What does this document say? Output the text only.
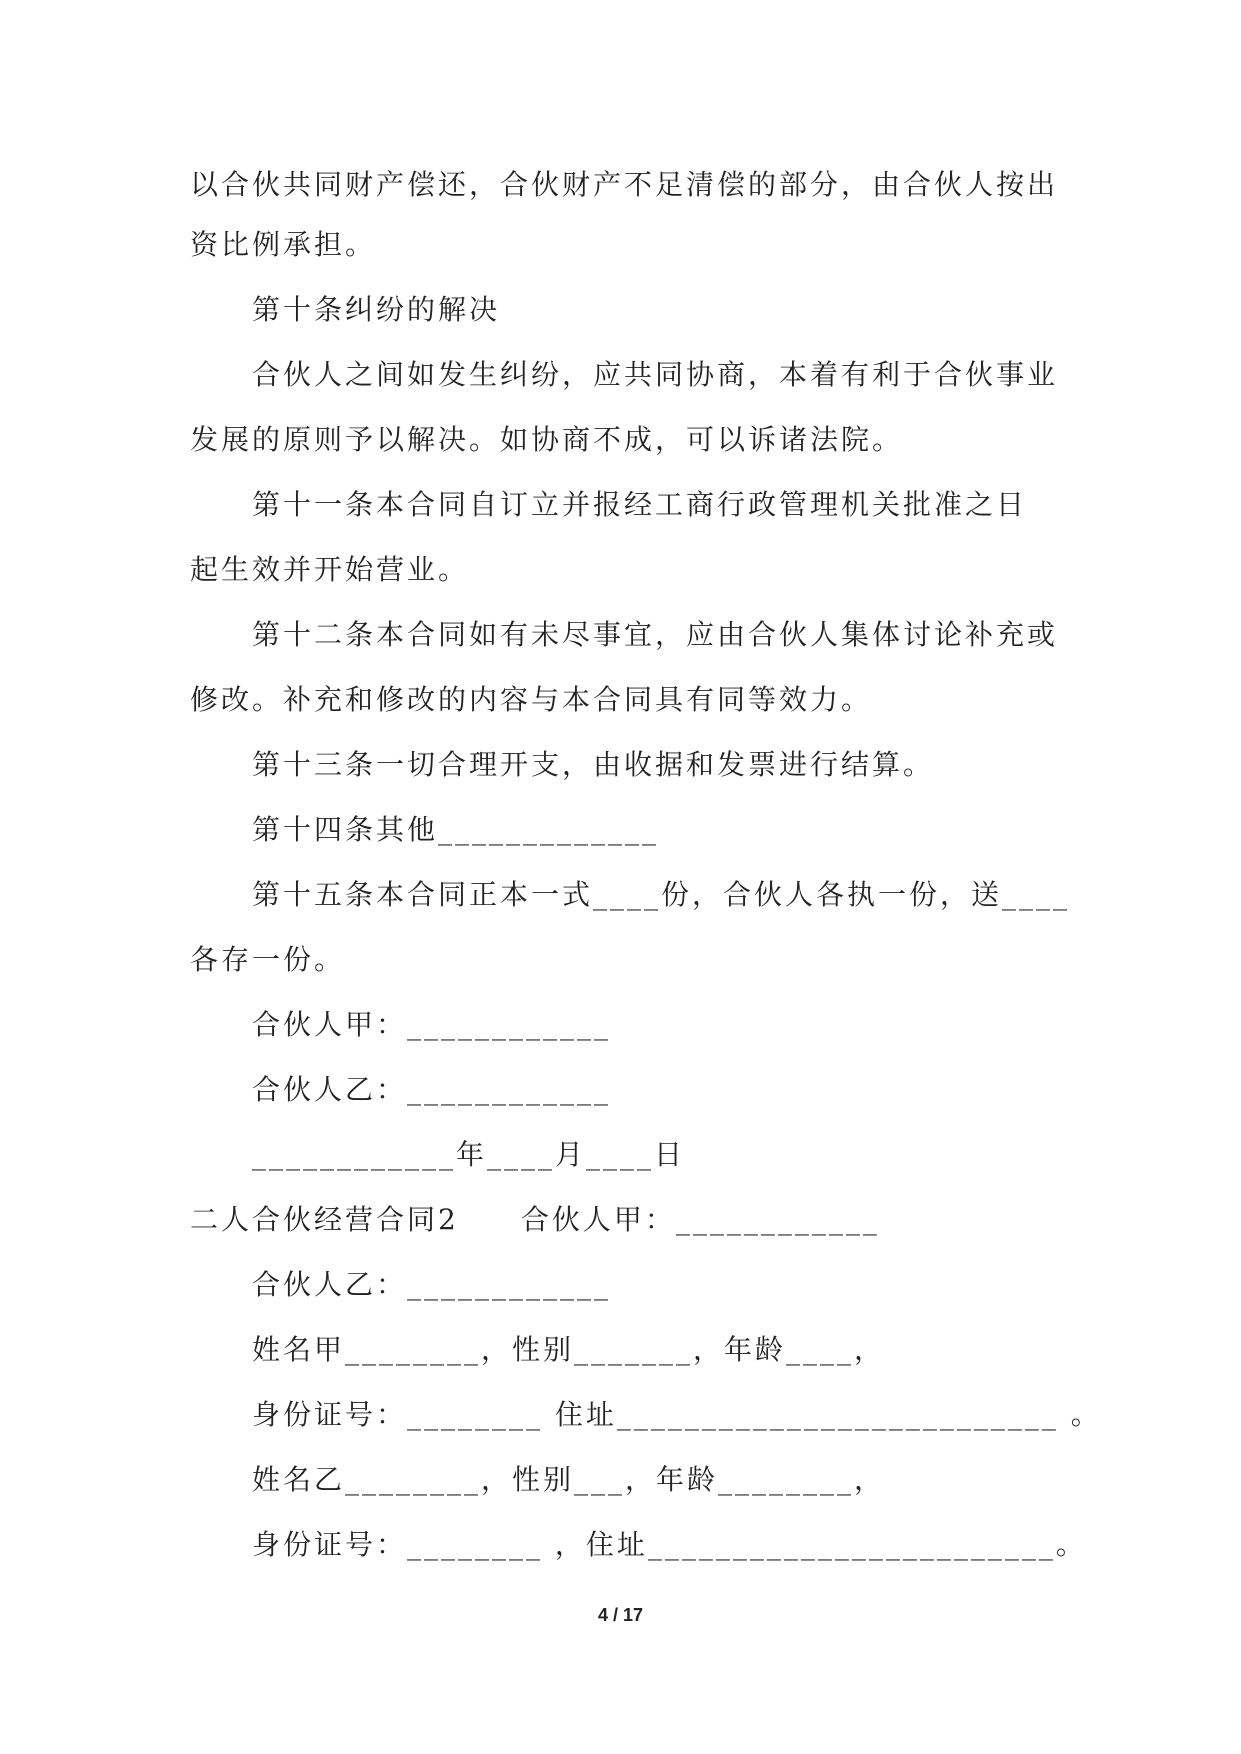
以合伙共同财产偿还，合伙财产不足清偿的部分，由合伙人按出
资比例承担。
第十条纠纷的解决
合伙人之间如发生纠纷，应共同协商，本着有利于合伙事业
发展的原则予以解决。如协商不成，可以诉诸法院。
第十一条本合同自订立并报经工商行政管理机关批准之日
起生效并开始营业。
第十二条本合同如有未尽事宜，应由合伙人集体讨论补充或
修改。补充和修改的内容与本合同具有同等效力。
第十三条一切合理开支，由收据和发票进行结算。
第十四条其他_____________
第十五条本合同正本一式____份，合伙人各执一份，送____
各存一份。
合伙人甲：____________
合伙人乙：____________
____________年____月____日
二人合伙经营合同2　　合伙人甲：____________
合伙人乙：____________
姓名甲________，性别_______，年龄____，
身份证号：________ 住址__________________________ 。
姓名乙________，性别___，年龄________，
身份证号：________ ，住址________________________。
4 / 17
